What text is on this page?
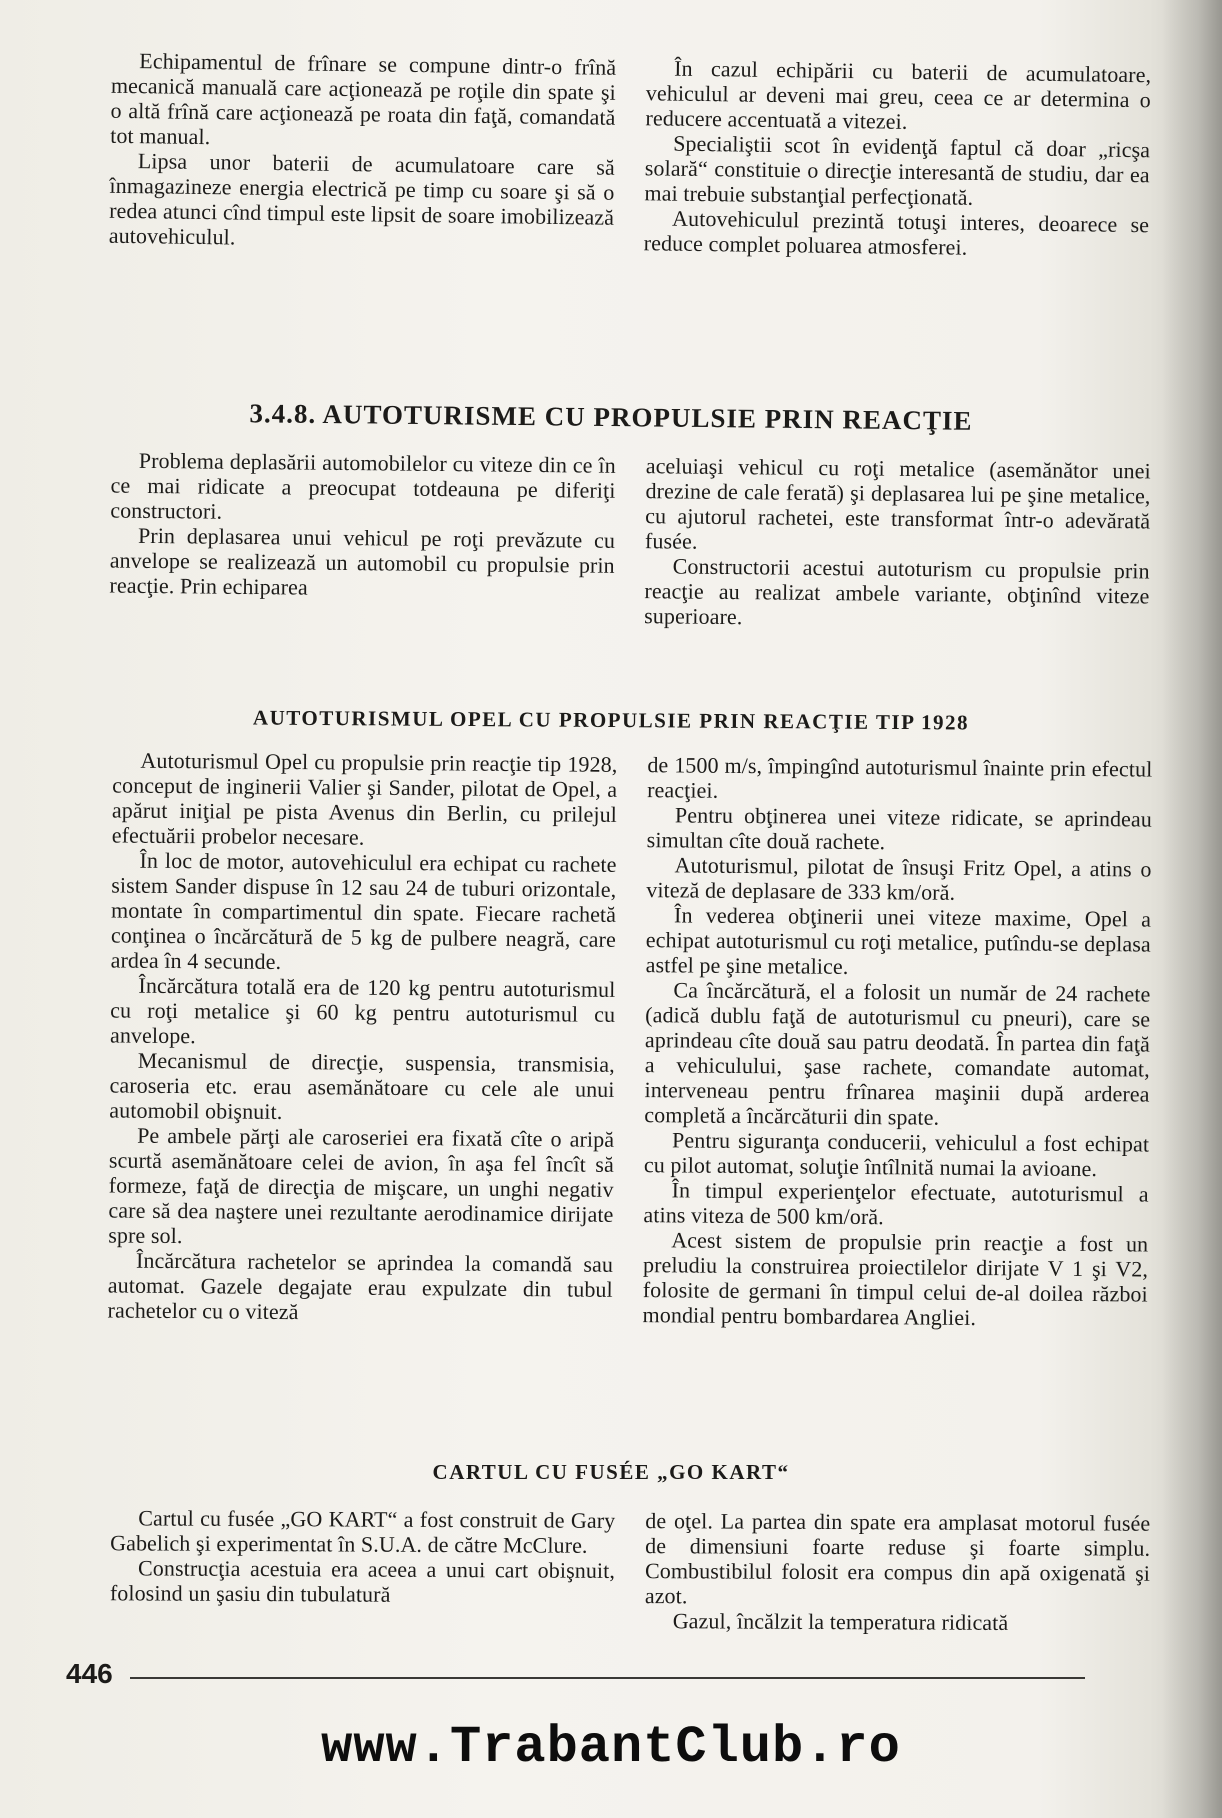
Echipamentul de frînare se compune dintr-o frînă mecanică manuală care acţionează pe roţile din spate şi o altă frînă care acţionează pe roata din faţă, comandată tot manual.

Lipsa unor baterii de acumulatoare care să înmagazineze energia electrică pe timp cu soare şi să o redea atunci cînd timpul este lipsit de soare imobilizează autovehiculul.

În cazul echipării cu baterii de acumulatoare, vehiculul ar deveni mai greu, ceea ce ar determina o reducere accentuată a vitezei.

Specialiştii scot în evidenţă faptul că doar „ricşa solară“ constituie o direcţie interesantă de studiu, dar ea mai trebuie substanţial perfecţionată.

Autovehiculul prezintă totuşi interes, deoarece se reduce complet poluarea atmosferei.

3.4.8. AUTOTURISME CU PROPULSIE PRIN REACŢIE

Problema deplasării automobilelor cu viteze din ce în ce mai ridicate a preocupat totdeauna pe diferiţi constructori.

Prin deplasarea unui vehicul pe roţi prevăzute cu anvelope se realizează un automobil cu propulsie prin reacţie. Prin echiparea

aceluiaşi vehicul cu roţi metalice (asemănător unei drezine de cale ferată) şi deplasarea lui pe şine metalice, cu ajutorul rachetei, este transformat într-o adevărată fusée.

Constructorii acestui autoturism cu propulsie prin reacţie au realizat ambele variante, obţinînd viteze superioare.

AUTOTURISMUL OPEL CU PROPULSIE PRIN REACŢIE TIP 1928

Autoturismul Opel cu propulsie prin reacţie tip 1928, conceput de inginerii Valier şi Sander, pilotat de Opel, a apărut iniţial pe pista Avenus din Berlin, cu prilejul efectuării probelor necesare.

În loc de motor, autovehiculul era echipat cu rachete sistem Sander dispuse în 12 sau 24 de tuburi orizontale, montate în compartimentul din spate. Fiecare rachetă conţinea o încărcătură de 5 kg de pulbere neagră, care ardea în 4 secunde.

Încărcătura totală era de 120 kg pentru autoturismul cu roţi metalice şi 60 kg pentru autoturismul cu anvelope.

Mecanismul de direcţie, suspensia, transmisia, caroseria etc. erau asemănătoare cu cele ale unui automobil obişnuit.

Pe ambele părţi ale caroseriei era fixată cîte o aripă scurtă asemănătoare celei de avion, în aşa fel încît să formeze, faţă de direcţia de mişcare, un unghi negativ care să dea naştere unei rezultante aerodinamice dirijate spre sol.

Încărcătura rachetelor se aprindea la comandă sau automat. Gazele degajate erau expulzate din tubul rachetelor cu o viteză

de 1500 m/s, împingînd autoturismul înainte prin efectul reacţiei.

Pentru obţinerea unei viteze ridicate, se aprindeau simultan cîte două rachete.

Autoturismul, pilotat de însuşi Fritz Opel, a atins o viteză de deplasare de 333 km/oră.

În vederea obţinerii unei viteze maxime, Opel a echipat autoturismul cu roţi metalice, putîndu-se deplasa astfel pe şine metalice.

Ca încărcătură, el a folosit un număr de 24 rachete (adică dublu faţă de autoturismul cu pneuri), care se aprindeau cîte două sau patru deodată. În partea din faţă a vehiculului, şase rachete, comandate automat, interveneau pentru frînarea maşinii după arderea completă a încărcăturii din spate.

Pentru siguranţa conducerii, vehiculul a fost echipat cu pilot automat, soluţie întîlnită numai la avioane.

În timpul experienţelor efectuate, autoturismul a atins viteza de 500 km/oră.

Acest sistem de propulsie prin reacţie a fost un preludiu la construirea proiectilelor dirijate V 1 şi V2, folosite de germani în timpul celui de-al doilea război mondial pentru bombardarea Angliei.

CARTUL CU FUSÉE „GO KART“

Cartul cu fusée „GO KART“ a fost construit de Gary Gabelich şi experimentat în S.U.A. de către McClure.

Construcţia acestuia era aceea a unui cart obişnuit, folosind un şasiu din tubulatură

de oţel. La partea din spate era amplasat motorul fusée de dimensiuni foarte reduse şi foarte simplu. Combustibilul folosit era compus din apă oxigenată şi azot.

Gazul, încălzit la temperatura ridicată

446
www.TrabantClub.ro
